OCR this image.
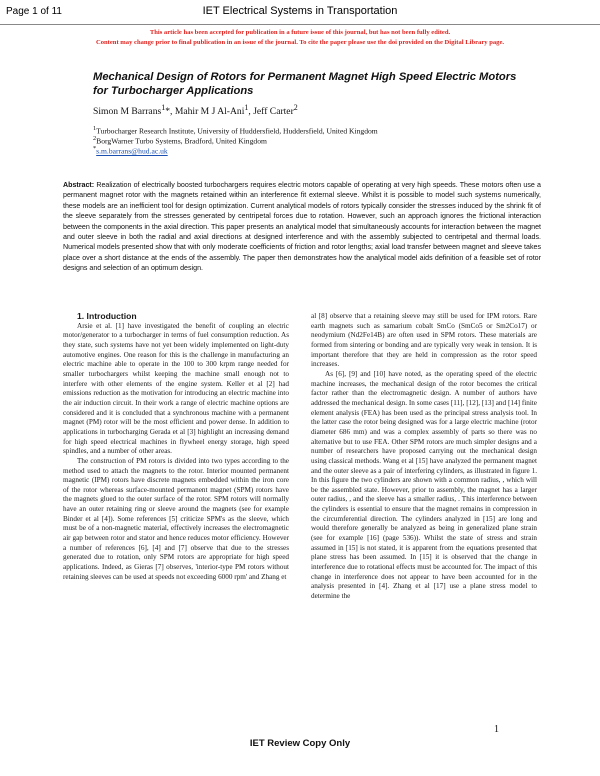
Page 1 of 11	IET Electrical Systems in Transportation
This article has been accepted for publication in a future issue of this journal, but has not been fully edited.
Content may change prior to final publication in an issue of the journal. To cite the paper please use the doi provided on the Digital Library page.
Mechanical Design of Rotors for Permanent Magnet High Speed Electric Motors for Turbocharger Applications
Simon M Barrans$^1$*, Mahir M J Al-Ani$^1$, Jeff Carter$^2$
$^1$Turbocharger Research Institute, University of Huddersfield, Huddersfield, United Kingdom
$^2$BorgWarner Turbo Systems, Bradford, United Kingdom
*s.m.barrans@hud.ac.uk
Abstract: Realization of electrically boosted turbochargers requires electric motors capable of operating at very high speeds. These motors often use a permanent magnet rotor with the magnets retained within an interference fit external sleeve. Whilst it is possible to model such systems numerically, these models are an inefficient tool for design optimization. Current analytical models of rotors typically consider the stresses induced by the shrink fit of the sleeve separately from the stresses generated by centripetal forces due to rotation. However, such an approach ignores the frictional interaction between the components in the axial direction. This paper presents an analytical model that simultaneously accounts for interaction between the magnet and outer sleeve in both the radial and axial directions at designed interference and with the assembly subjected to centripetal and thermal loads. Numerical models presented show that with only moderate coefficients of friction and rotor lengths; axial load transfer between magnet and sleeve takes place over a short distance at the ends of the assembly. The paper then demonstrates how the analytical model aids definition of a feasible set of rotor designs and selection of an optimum design.

1. Introduction

Arsie et al. [1] have investigated the benefit of coupling an electric motor/generator to a turbocharger in terms of fuel consumption reduction. As they state, such systems have not yet been widely implemented on light-duty automotive engines. One reason for this is the challenge in manufacturing an electric machine able to operate in the 100 to 300 krpm range needed for smaller turbochargers whilst keeping the machine small enough not to interfere with other elements of the engine system. Keller et al [2] had emissions reduction as the motivation for introducing an electric machine into the air induction circuit. In their work a range of electric machine options are considered and it is concluded that a synchronous machine with a permanent magnet (PM) rotor will be the most efficient and power dense. In addition to applications in turbocharging Gerada et al [3] highlight an increasing demand for high speed electrical machines in flywheel energy storage, high speed spindles, and a number of other areas.

The construction of PM rotors is divided into two types according to the method used to attach the magnets to the rotor. Interior mounted permanent magnetic (IPM) rotors have discrete magnets embedded within the iron core of the rotor whereas surface-mounted permanent magnet (SPM) rotors have the magnets glued to the outer surface of the rotor. SPM rotors will normally have an outer retaining ring or sleeve around the magnets (see for example Binder et al [4]). Some references [5] criticize SPM's as the sleeve, which must be of a non-magnetic material, effectively increases the electromagnetic air gap between rotor and stator and hence reduces motor efficiency. However a number of references [6], [4] and [7] observe that due to the stresses generated due to rotation, only SPM rotors are appropriate for high speed applications. Indeed, as Gieras [7] observes, 'interior-type PM rotors without retaining sleeves can be used at speeds not exceeding 6000 rpm' and Zhang et

al [8] observe that a retaining sleeve may still be used for IPM rotors. Rare earth magnets such as samarium cobalt SmCo (SmCo5 or Sm2Co17) or neodymium (Nd2Fe14B) are often used in SPM rotors. These materials are formed from sintering or bonding and are typically very weak in tension. It is important therefore that they are held in compression as the rotor speed increases.

As [6], [9] and [10] have noted, as the operating speed of the electric machine increases, the mechanical design of the rotor becomes the critical factor rather than the electromagnetic design. A number of authors have addressed the mechanical design. In some cases [11], [12], [13] and [14] finite element analysis (FEA) has been used as the principal stress analysis tool. In the latter case the rotor being designed was for a large electric machine (rotor diameter 686 mm) and was a complex assembly of parts so there was no alternative but to use FEA. Other SPM rotors are much simpler designs and a number of researchers have proposed carrying out the mechanical design using classical methods. Wang et al [15] have analyzed the permanent magnet and the outer sleeve as a pair of interfering cylinders, as illustrated in figure 1. In this figure the two cylinders are shown with a common radius, , which will be the assembled state. However, prior to assembly, the magnet has a larger outer radius, , and the sleeve has a smaller radius, . This interference between the cylinders is essential to ensure that the magnet remains in compression in the circumferential direction. The cylinders analyzed in [15] are long and would therefore generally be analyzed as being in generalized plane strain (see for example [16] (page 536)). Whilst the state of stress and strain assumed in [15] is not stated, it is apparent from the equations presented that plane stress has been assumed. In [15] it is observed that the change in interference due to rotational effects must be accounted for. The impact of this change in interference does not appear to have been accounted for in the analysis presented in [4]. Zhang et al [17] use a plane stress model to determine the

1
IET Review Copy Only
